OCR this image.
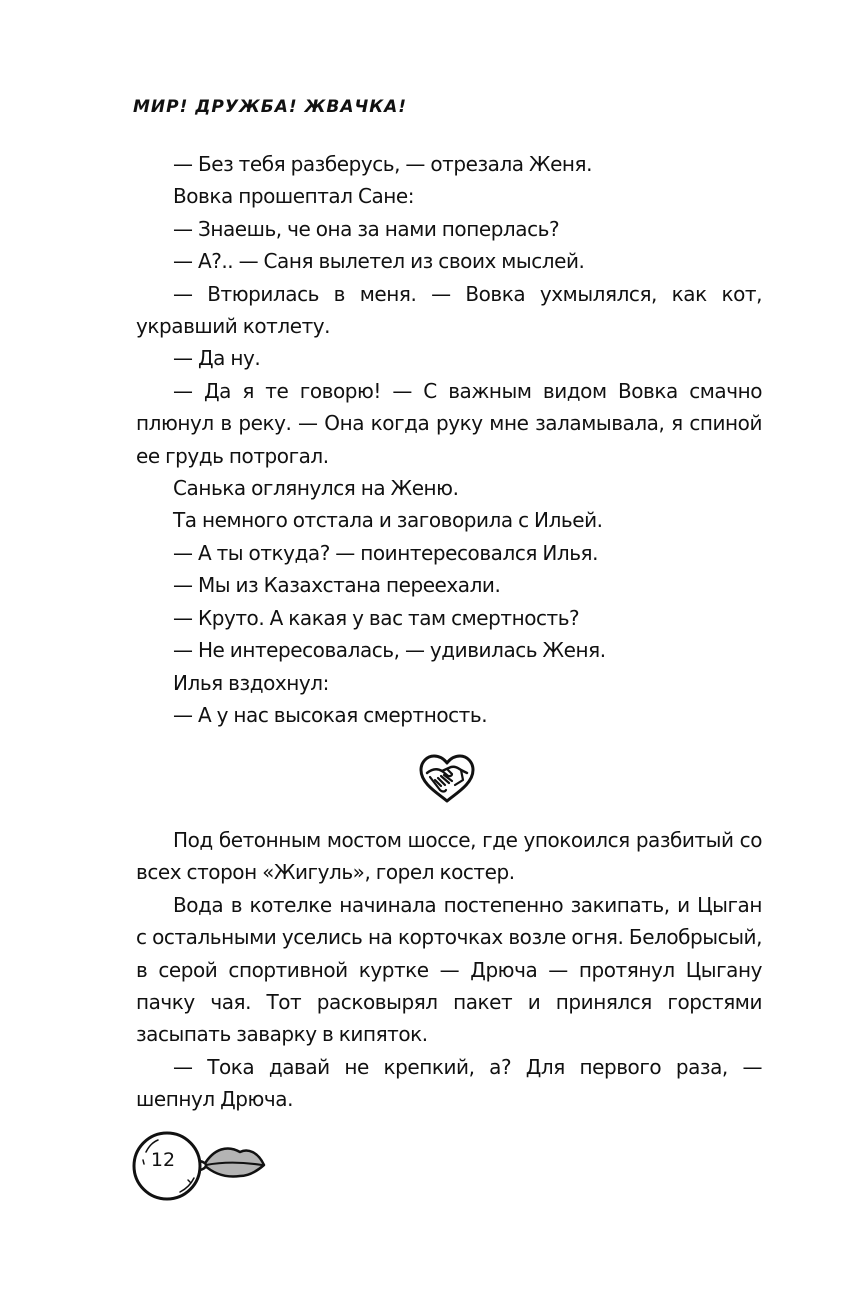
МИР! ДРУЖБА! ЖВАЧКА!

— Без тебя разберусь, — отрезала Женя.

Вовка прошептал Сане:

— Знаешь, че она за нами поперлась?

— А?.. — Саня вылетел из своих мыслей.

— Втюрилась в меня. — Вовка ухмылялся, как кот, укравший котлету.

— Да ну.

— Да я те говорю! — С важным видом Вовка смачно плюнул в реку. — Она когда руку мне заламывала, я спиной ее грудь потрогал.

Санька оглянулся на Женю.

Та немного отстала и заговорила с Ильей.

— А ты откуда? — поинтересовался Илья.

— Мы из Казахстана переехали.

— Круто. А какая у вас там смертность?

— Не интересовалась, — удивилась Женя.

Илья вздохнул:

— А у нас высокая смертность.

Под бетонным мостом шоссе, где упокоился разбитый со всех сторон «Жигуль», горел костер.

Вода в котелке начинала постепенно закипать, и Цыган с остальными уселись на корточках возле огня. Белобрысый, в серой спортивной куртке — Дрюча — протянул Цыгану пачку чая. Тот расковырял пакет и принялся горстями засыпать заварку в кипяток.

— Тока давай не крепкий, а? Для первого раза, — шепнул Дрюча.

12
